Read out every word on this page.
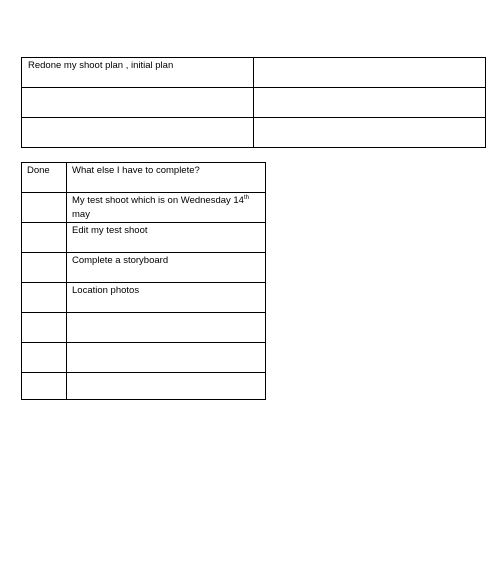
Redone my shoot plan , initial plan	

Done	What else I have to complete?
	My test shoot which is on Wednesday 14th
may
	Edit my test shoot
	Complete a storyboard
	Location photos
